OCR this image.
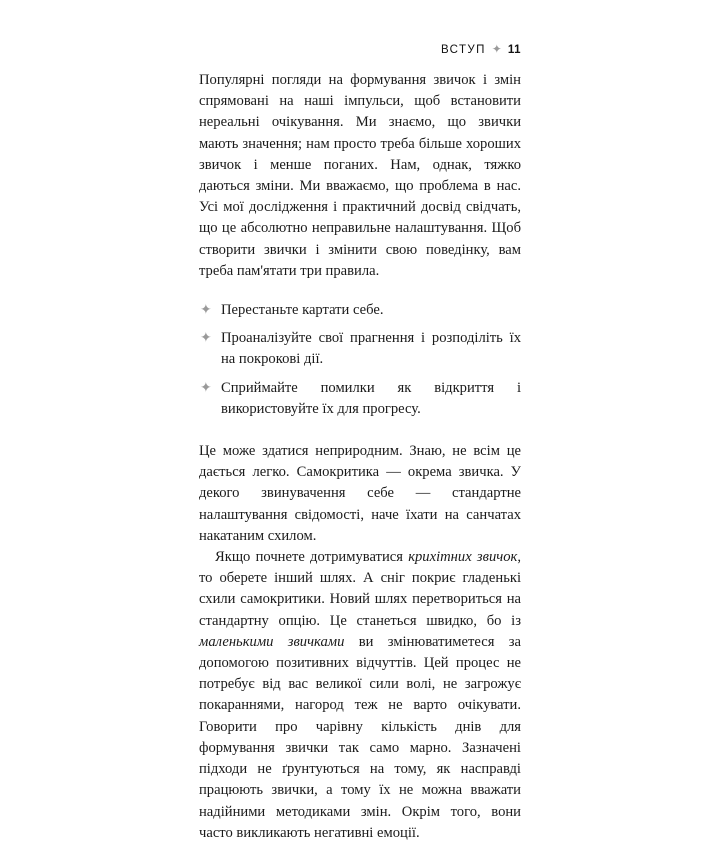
ВСТУП ✦ 11

Популярні погляди на формування звичок і змін спрямовані на наші імпульси, щоб встановити нереальні очікування. Ми знаємо, що звички мають значення; нам просто треба більше хороших звичок і менше поганих. Нам, однак, тяжко даються зміни. Ми вважаємо, що проблема в нас. Усі мої дослідження і практичний досвід свідчать, що це абсолютно неправильне налаштування. Щоб створити звички і змінити свою поведінку, вам треба пам'ятати три правила.

✦ Перестаньте картати себе.
✦ Проаналізуйте свої прагнення і розподіліть їх на покрокові дії.
✦ Сприймайте помилки як відкриття і використовуйте їх для прогресу.

Це може здатися неприродним. Знаю, не всім це дається легко. Самокритика — окрема звичка. У декого звинувачення себе — стандартне налаштування свідомості, наче їхати на санчатах накатаним схилом.

Якщо почнете дотримуватися крихітних звичок, то оберете інший шлях. А сніг покриє гладенькі схили самокритики. Новий шлях перетвориться на стандартну опцію. Це станеться швидко, бо із маленькими звичками ви змінюватиметеся за допомогою позитивних відчуттів. Цей процес не потребує від вас великої сили волі, не загрожує покараннями, нагород теж не варто очікувати. Говорити про чарівну кількість днів для формування звички так само марно. Зазначені підходи не ґрунтуються на тому, як насправді працюють звички, а тому їх не можна вважати надійними методиками змін. Окрім того, вони часто викликають негативні емоції.
